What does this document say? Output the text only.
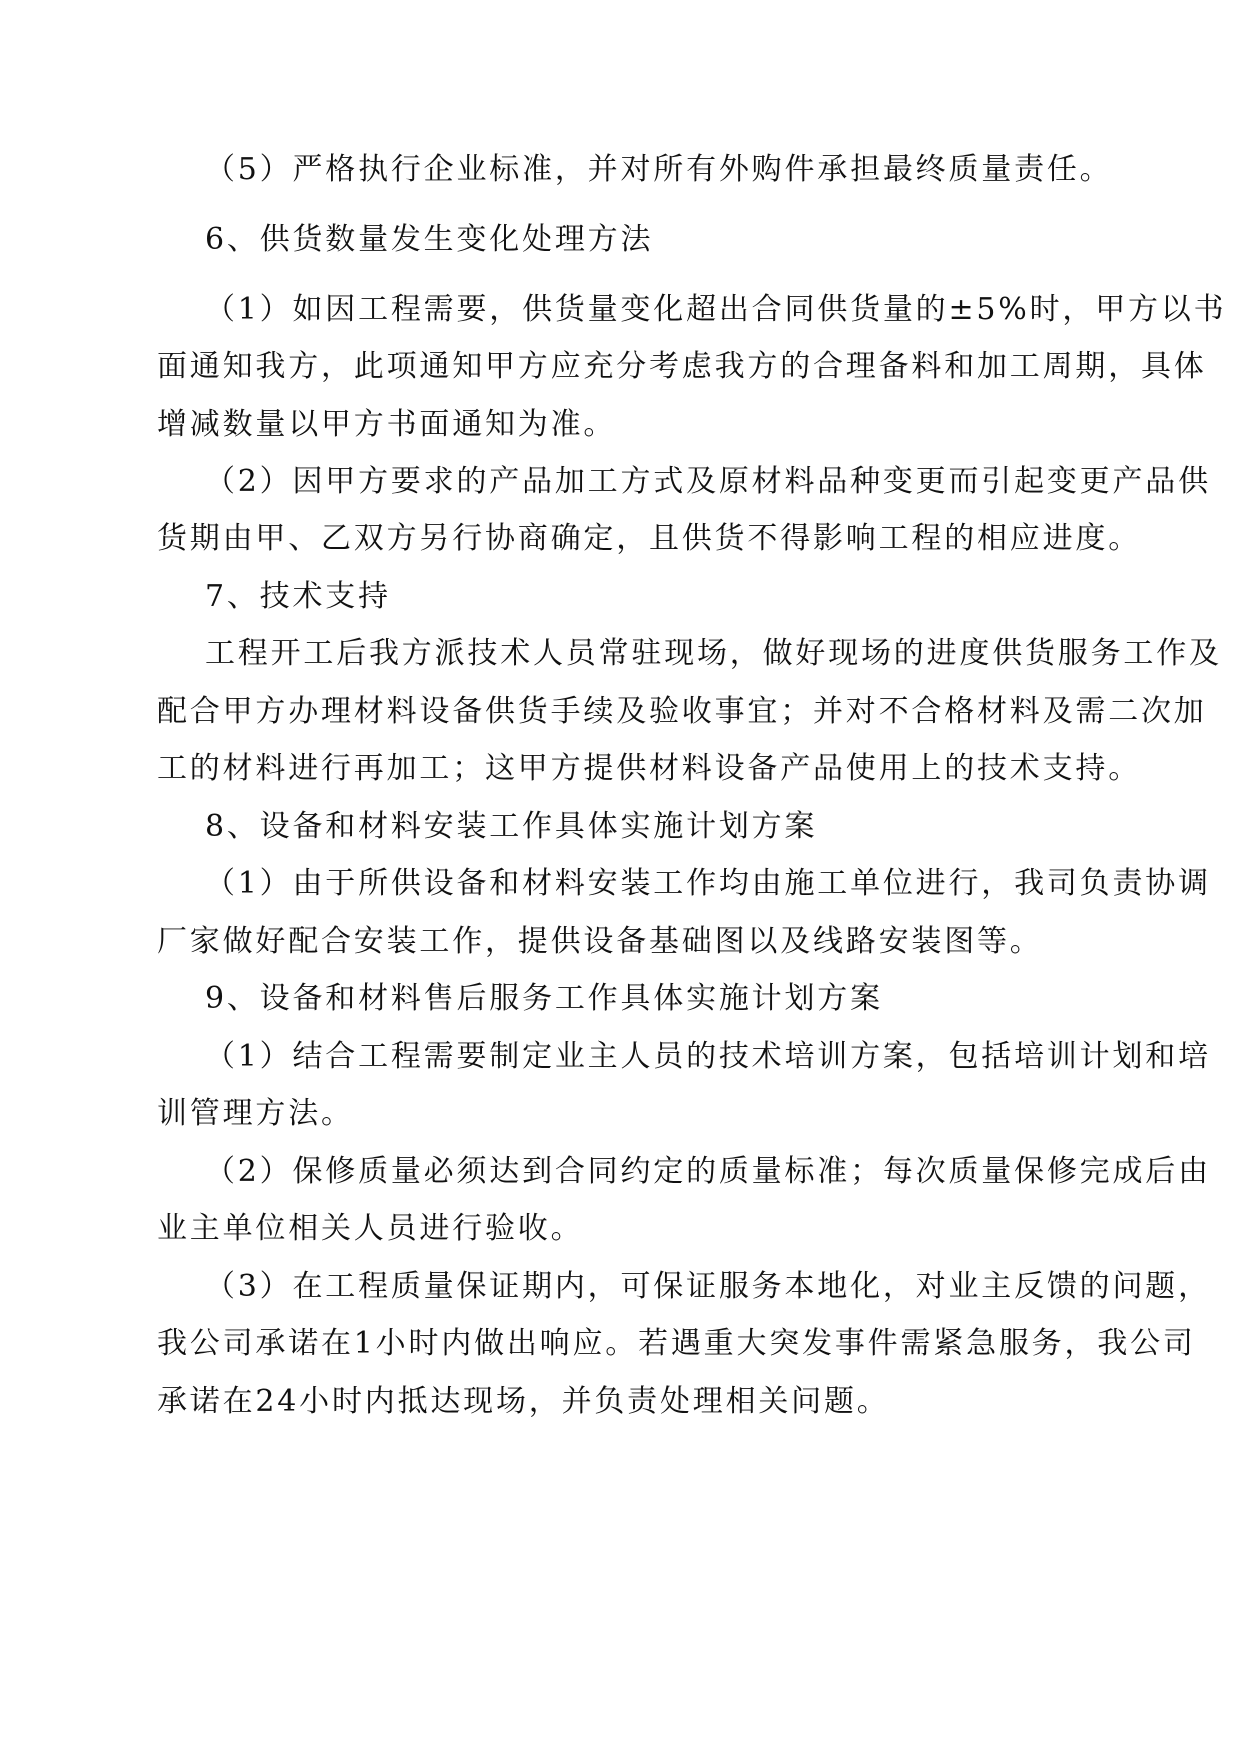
（5）严格执行企业标准，并对所有外购件承担最终质量责任。
6、供货数量发生变化处理方法
（1）如因工程需要，供货量变化超出合同供货量的±5%时，甲方以书
面通知我方，此项通知甲方应充分考虑我方的合理备料和加工周期，具体
增减数量以甲方书面通知为准。
（2）因甲方要求的产品加工方式及原材料品种变更而引起变更产品供
货期由甲、乙双方另行协商确定，且供货不得影响工程的相应进度。
7、技术支持
工程开工后我方派技术人员常驻现场，做好现场的进度供货服务工作及
配合甲方办理材料设备供货手续及验收事宜；并对不合格材料及需二次加
工的材料进行再加工；这甲方提供材料设备产品使用上的技术支持。
8、设备和材料安装工作具体实施计划方案
（1）由于所供设备和材料安装工作均由施工单位进行，我司负责协调
厂家做好配合安装工作，提供设备基础图以及线路安装图等。
9、设备和材料售后服务工作具体实施计划方案
（1）结合工程需要制定业主人员的技术培训方案，包括培训计划和培
训管理方法。
（2）保修质量必须达到合同约定的质量标准；每次质量保修完成后由
业主单位相关人员进行验收。
（3）在工程质量保证期内，可保证服务本地化，对业主反馈的问题，
我公司承诺在1小时内做出响应。若遇重大突发事件需紧急服务，我公司
承诺在24小时内抵达现场，并负责处理相关问题。
